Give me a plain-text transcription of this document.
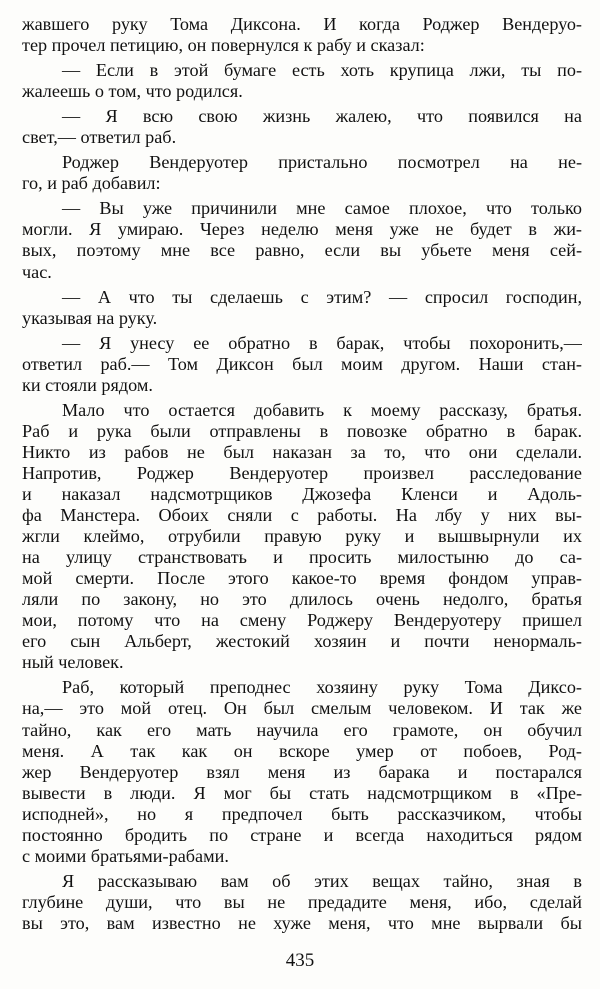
жавшего руку Тома Диксона. И когда Роджер Вендеруо-
тер прочел петицию, он повернулся к рабу и сказал:
— Если в этой бумаге есть хоть крупица лжи, ты по-
жалеешь о том, что родился.
— Я всю свою жизнь жалею, что появился на
свет,— ответил раб.
Роджер Вендеруотер пристально посмотрел на не-
го, и раб добавил:
— Вы уже причинили мне самое плохое, что только
могли. Я умираю. Через неделю меня уже не будет в жи-
вых, поэтому мне все равно, если вы убьете меня сей-
час.
— А что ты сделаешь с этим? — спросил господин,
указывая на руку.
— Я унесу ее обратно в барак, чтобы похоронить,—
ответил раб.— Том Диксон был моим другом. Наши стан-
ки стояли рядом.
Мало что остается добавить к моему рассказу, братья.
Раб и рука были отправлены в повозке обратно в барак.
Никто из рабов не был наказан за то, что они сделали.
Напротив, Роджер Вендеруотер произвел расследование
и наказал надсмотрщиков Джозефа Кленси и Адоль-
фа Манстера. Обоих сняли с работы. На лбу у них вы-
жгли клеймо, отрубили правую руку и вышвырнули их
на улицу странствовать и просить милостыню до са-
мой смерти. После этого какое-то время фондом управ-
ляли по закону, но это длилось очень недолго, братья
мои, потому что на смену Роджеру Вендеруотеру пришел
его сын Альберт, жестокий хозяин и почти ненормаль-
ный человек.
Раб, который преподнес хозяину руку Тома Диксо-
на,— это мой отец. Он был смелым человеком. И так же
тайно, как его мать научила его грамоте, он обучил
меня. А так как он вскоре умер от побоев, Род-
жер Вендеруотер взял меня из барака и постарался
вывести в люди. Я мог бы стать надсмотрщиком в «Пре-
исподней», но я предпочел быть рассказчиком, чтобы
постоянно бродить по стране и всегда находиться рядом
с моими братьями-рабами.
Я рассказываю вам об этих вещах тайно, зная в
глубине души, что вы не предадите меня, ибо, сделай
вы это, вам известно не хуже меня, что мне вырвали бы
435
